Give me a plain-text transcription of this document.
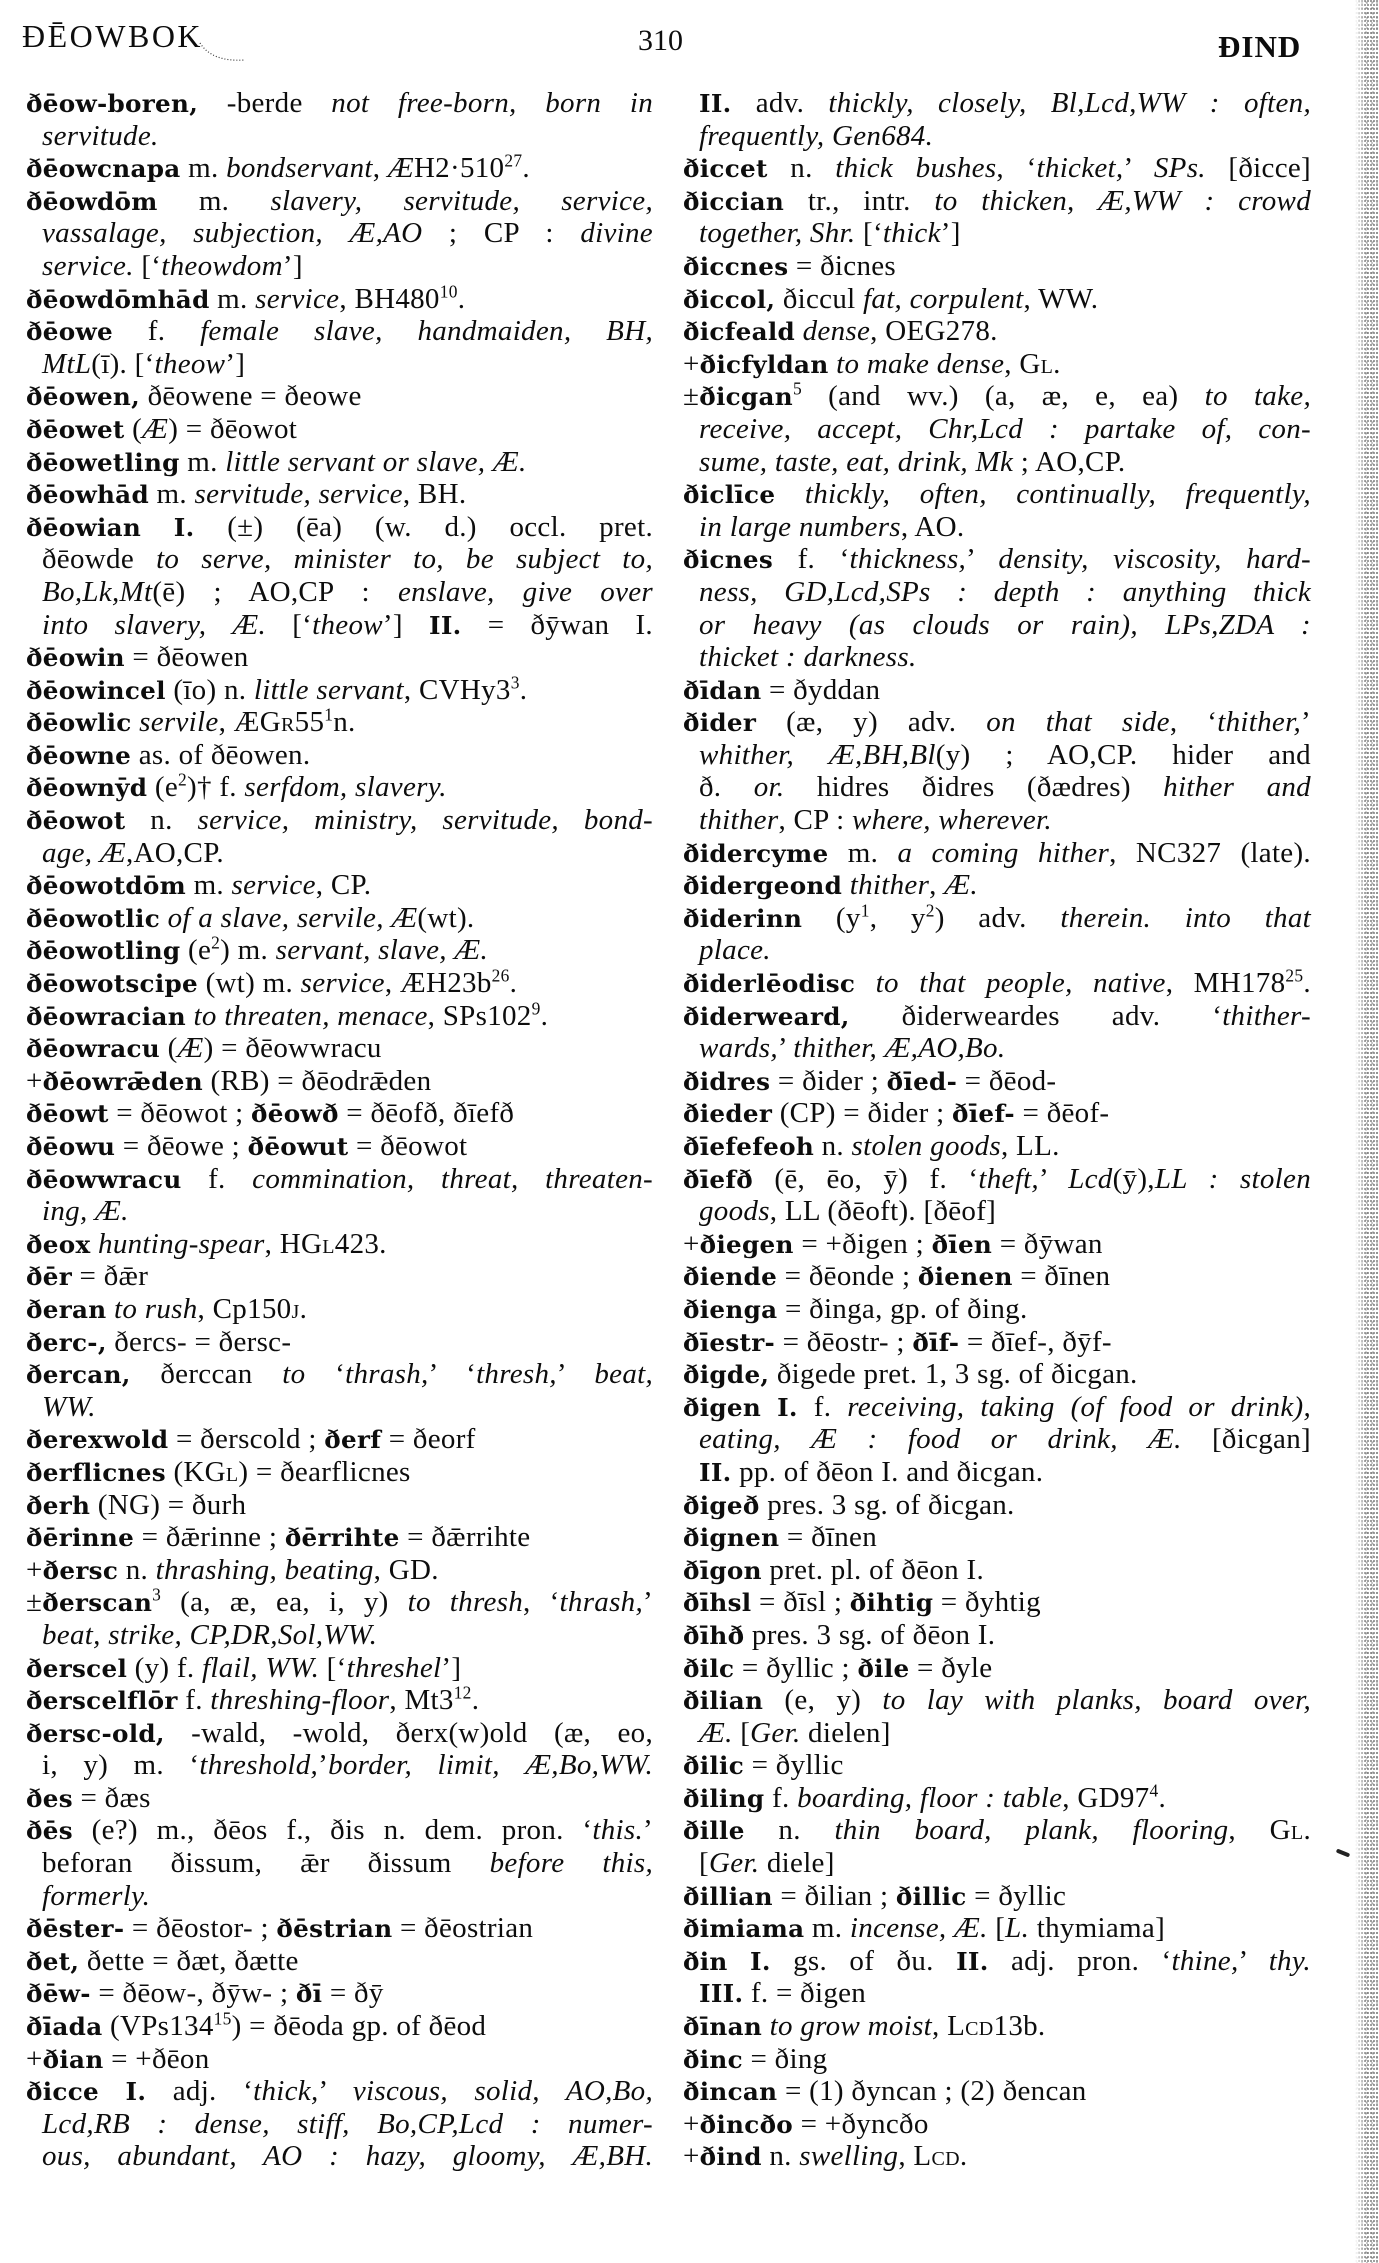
ÐĒOWBOK	310	ÐIND
ðēow-boren, -berde not free-born, born in
servitude.
ðēowcnapa m. bondservant, $ÆH2\cdot 510^{27}$.
ðēowdōm m. slavery, servitude, service,
vassalage, subjection, Æ,AO ; CP : divine
service. [‘theowdom’]
ðēowdōmhād m. service, $BH480^{10}$.
ðēowe f. female slave, handmaiden, BH,
MtL(ī). [‘theow’]
ðēowen, ðēowene = ðeowe
ðēowet (Æ) = ðēowot
ðēowetling m. little servant or slave, Æ.
ðēowhād m. servitude, service, BH.
ðēowian I. (±) (ēa) (w. d.) occl. pret.
ðēowde to serve, minister to, be subject to,
Bo,Lk,Mt(ē) ; AO,CP : enslave, give over
into slavery, Æ. [‘theow’] II. = ðȳwan I.
ðēowin = ðēowen
ðēowincel (īo) n. little servant, $CVHy3^3$.
ðēowlic servile, $ÆGr55^1n$.
ðēowne as. of ðēowen.
ðēownȳd $(e^2)\dagger$ f. serfdom, slavery.
ðēowot n. service, ministry, servitude, bond-
age, Æ,AO,CP.
ðēowotdōm m. service, CP.
ðēowotlic of a slave, servile, Æ(wt).
ðēowotling $(e^2)$ m. servant, slave, Æ.
ðēowotscipe (wt) m. service, $ÆH23b^{26}$.
ðēowracian to threaten, menace, $SPs102^9$.
ðēowracu (Æ) = ðēowwracu
+ðēowrǣden (RB) = ðēodrǣden
ðēowt = ðēowot ; ðēowð = ðēofð, ðīefð
ðēowu = ðēowe ; ðēowut = ðēowot
ðēowwracu f. commination, threat, threaten-
ing, Æ.
ðeox hunting-spear, HGl423.
ðēr = ðǣr
ðeran to rush, Cp150j.
ðerc-, ðercs- = ðersc-
ðercan, ðerccan to ‘thrash,’ ‘thresh,’ beat,
WW.
ðerexwold = ðerscold ; ðerf = ðeorf
ðerflicnes (KGl) = ðearflicnes
ðerh (NG) = ðurh
ðērinne = ðǣrinne ; ðērrihte = ðǣrrihte
+ðersc n. thrashing, beating, GD.
±ðerscan$^3$ (a, æ, ea, i, y) to thresh, ‘thrash,’
beat, strike, CP,DR,Sol,WW.
ðerscel (y) f. flail, WW. [‘threshel’]
ðerscelflōr f. threshing-floor, $Mt3^{12}$.
ðersc-old, -wald, -wold, ðerx(w)old (æ, eo,
i, y) m. ‘threshold,’border, limit, Æ,Bo,WW.
ðes = ðæs
ðēs (e?) m., ðēos f., ðis n. dem. pron. ‘this.’
beforan ðissum, ǣr ðissum before this,
formerly.
ðēster- = ðēostor- ; ðēstrian = ðēostrian
ðet, ðette = ðæt, ðætte
ðēw- = ðēow-, ðȳw- ; ðī = ðȳ
ðīada $(VPs134^{15})$ = ðēoda gp. of ðēod
+ðian = +ðēon
ðicce I. adj. ‘thick,’ viscous, solid, AO,Bo,
Lcd,RB : dense, stiff, Bo,CP,Lcd : numer-
ous, abundant, AO : hazy, gloomy, Æ,BH.
II. adv. thickly, closely, Bl,Lcd,WW : often,
frequently, Gen684.
ðiccet n. thick bushes, ‘thicket,’ SPs. [ðicce]
ðiccian tr., intr. to thicken, Æ,WW : crowd
together, Shr. [‘thick’]
ðiccnes = ðicnes
ðiccol, ðiccul fat, corpulent, WW.
ðicfeald dense, OEG278.
+ðicfyldan to make dense, Gl.
±ðicgan$^5$ (and wv.) (a, æ, e, ea) to take,
receive, accept, Chr,Lcd : partake of, con-
sume, taste, eat, drink, Mk ; AO,CP.
ðiclīce thickly, often, continually, frequently,
in large numbers, AO.
ðicnes f. ‘thickness,’ density, viscosity, hard-
ness, GD,Lcd,SPs : depth : anything thick
or heavy (as clouds or rain), LPs,ZDA :
thicket : darkness.
ðīdan = ðyddan
ðider (æ, y) adv. on that side, ‘thither,’
whither, Æ,BH,Bl(y) ; AO,CP. hider and
ð. or. hidres ðidres (ðædres) hither and
thither, CP : where, wherever.
ðidercyme m. a coming hither, NC327 (late).
ðidergeond thither, Æ.
ðiderinn ($y^1$, $y^2$) adv. therein. into that
place.
ðiderlēodisc to that people, native, $MH178^{25}$.
ðiderweard, ðiderweardes adv. ‘thither-
wards,’ thither, Æ,AO,Bo.
ðidres = ðider ; ðīed- = ðēod-
ðieder (CP) = ðider ; ðīef- = ðēof-
ðīefefeoh n. stolen goods, LL.
ðīefð (ē, ēo, ȳ) f. ‘theft,’ Lcd(ȳ),LL : stolen
goods, LL (ðēoft). [ðēof]
+ðiegen = +ðigen ; ðīen = ðȳwan
ðiende = ðēonde ; ðienen = ðīnen
ðienga = ðinga, gp. of ðing.
ðīestr- = ðēostr- ; ðīf- = ðīef-, ðȳf-
ðigde, ðigede pret. 1, 3 sg. of ðicgan.
ðigen I. f. receiving, taking (of food or drink),
eating, Æ : food or drink, Æ. [ðicgan]
II. pp. of ðēon I. and ðicgan.
ðigeð pres. 3 sg. of ðicgan.
ðignen = ðīnen
ðīgon pret. pl. of ðēon I.
ðīhsl = ðīsl ; ðihtig = ðyhtig
ðīhð pres. 3 sg. of ðēon I.
ðilc = ðyllic ; ðile = ðyle
ðilian (e, y) to lay with planks, board over,
Æ. [Ger. dielen]
ðilic = ðyllic
ðiling f. boarding, floor : table, $GD97^4$.
ðille n. thin board, plank, flooring, Gl.
[Ger. diele]
ðillian = ðilian ; ðillic = ðyllic
ðimiama m. incense, Æ. [L. thymiama]
ðin I. gs. of ðu. II. adj. pron. ‘thine,’ thy.
III. f. = ðigen
ðīnan to grow moist, Lcd13b.
ðinc = ðing
ðincan = (1) ðyncan ; (2) ðencan
+ðincðo = +ðyncðo
+ðind n. swelling, Lcd.
